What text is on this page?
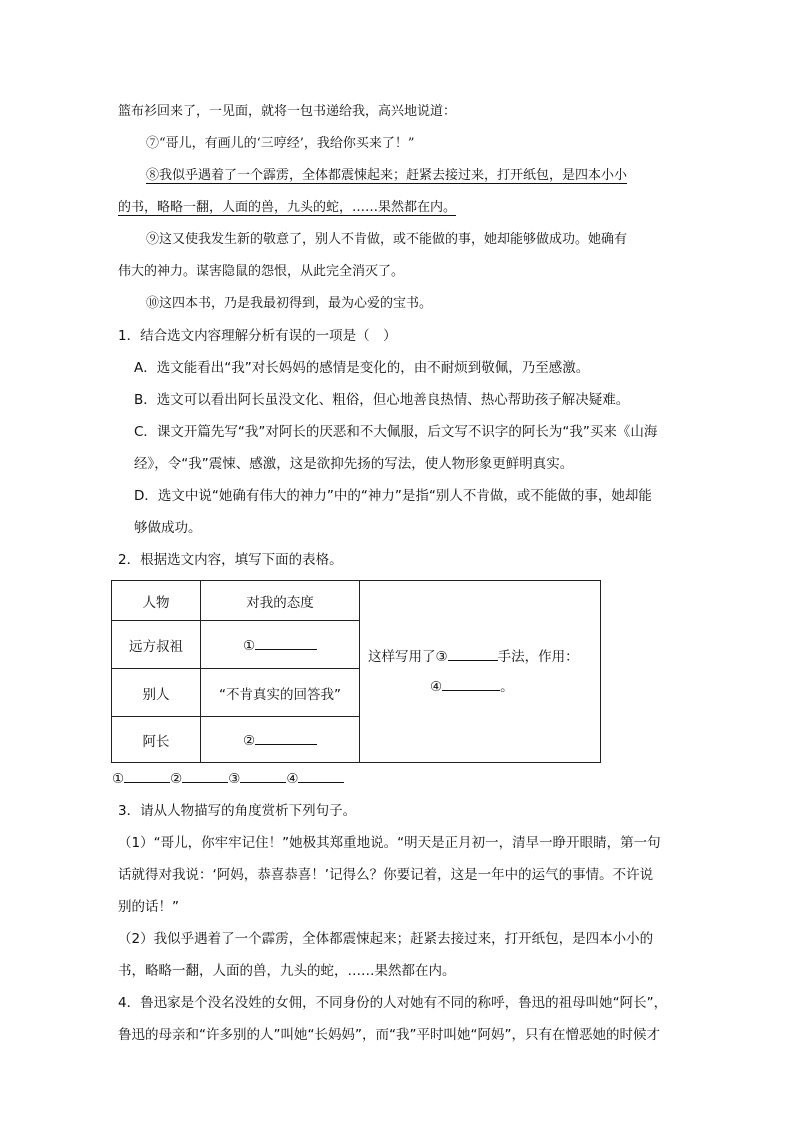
篮布衫回来了，一见面，就将一包书递给我，高兴地说道：
⑦“哥儿，有画儿的‘三哼经’，我给你买来了！”
⑧我似乎遇着了一个霹雳，全体都震悚起来；赶紧去接过来，打开纸包，是四本小小
的书，略略一翻，人面的兽，九头的蛇，……果然都在内。
⑨这又使我发生新的敬意了，别人不肯做，或不能做的事，她却能够做成功。她确有
伟大的神力。谋害隐鼠的怨恨，从此完全消灭了。
⑩这四本书，乃是我最初得到，最为心爱的宝书。
1．结合选文内容理解分析有误的一项是（　）
A．选文能看出“我”对长妈妈的感情是变化的，由不耐烦到敬佩，乃至感激。
B．选文可以看出阿长虽没文化、粗俗，但心地善良热情、热心帮助孩子解决疑难。
C．课文开篇先写“我”对阿长的厌恶和不大佩服，后文写不识字的阿长为“我”买来《山海
经》，令“我”震悚、感激，这是欲抑先扬的写法，使人物形象更鲜明真实。
D．选文中说“她确有伟大的神力”中的“神力”是指“别人不肯做，或不能做的事，她却能
够做成功。
2．根据选文内容，填写下面的表格。
人物	对我的态度	这样写用了③ 手法，作用：
④ 。

远方叔祖	①	
别人	“不肯真实的回答我”	
阿长	②	
①	②	③	④
3．请从人物描写的角度赏析下列句子。
（1）“哥儿，你牢牢记住！”她极其郑重地说。“明天是正月初一，清早一睁开眼睛，第一句
话就得对我说：‘阿妈，恭喜恭喜！’记得么？你要记着，这是一年中的运气的事情。不许说
别的话！”
（2）我似乎遇着了一个霹雳，全体都震悚起来；赶紧去接过来，打开纸包，是四本小小的
书，略略一翻，人面的兽，九头的蛇，……果然都在内。
4．鲁迅家是个没名没姓的女佣，不同身份的人对她有不同的称呼，鲁迅的祖母叫她“阿长”，
鲁迅的母亲和“许多别的人”叫她“长妈妈”，而“我”平时叫她“阿妈”，只有在憎恶她的时候才
